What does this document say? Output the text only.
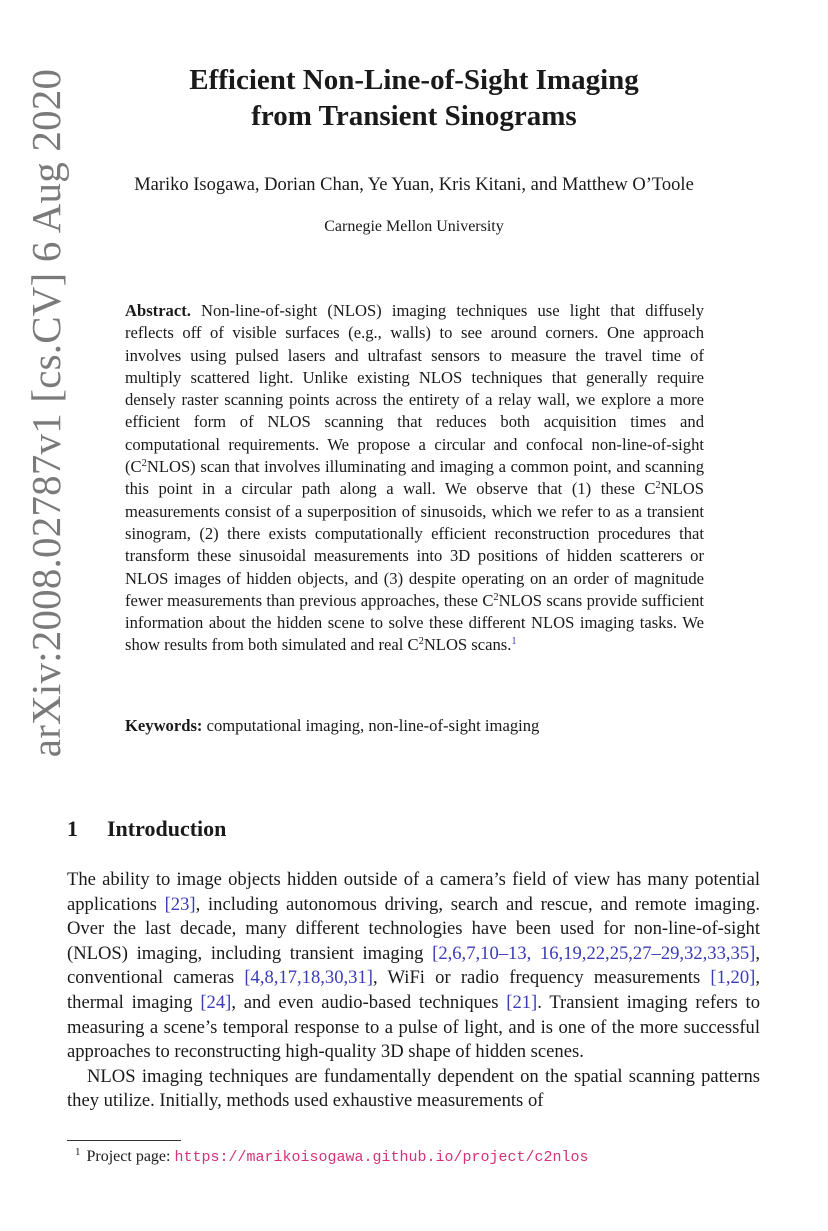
arXiv:2008.02787v1 [cs.CV] 6 Aug 2020	Efficient Non-Line-of-Sight Imaging
from Transient Sinograms
Mariko Isogawa, Dorian Chan, Ye Yuan, Kris Kitani, and Matthew O’Toole
Carnegie Mellon University
Abstract. Non-line-of-sight (NLOS) imaging techniques use light that diffusely reflects off of visible surfaces (e.g., walls) to see around corners. One approach involves using pulsed lasers and ultrafast sensors to measure the travel time of multiply scattered light. Unlike existing NLOS techniques that generally require densely raster scanning points across the entirety of a relay wall, we explore a more efficient form of NLOS scanning that reduces both acquisition times and computational requirements. We propose a circular and confocal non-line-of-sight $(C^2NLOS)$ scan that involves illuminating and imaging a common point, and scanning this point in a circular path along a wall. We observe that (1) these $C^2NLOS$ measurements consist of a superposition of sinusoids, which we refer to as a transient sinogram, (2) there exists computationally efficient reconstruction procedures that transform these sinusoidal measurements into 3D positions of hidden scatterers or NLOS images of hidden objects, and (3) despite operating on an order of magnitude fewer measurements than previous approaches, these $C^2NLOS$ scans provide sufficient information about the hidden scene to solve these different NLOS imaging tasks. We show results from both simulated and real $C^2NLOS$ scans.$^1$
Keywords: computational imaging, non-line-of-sight imaging
1 Introduction

The ability to image objects hidden outside of a camera’s field of view has many potential applications [23], including autonomous driving, search and rescue, and remote imaging. Over the last decade, many different technologies have been used for non-line-of-sight (NLOS) imaging, including transient imaging [2,6,7,10–13, 16,19,22,25,27–29,32,33,35], conventional cameras [4,8,17,18,30,31], WiFi or radio frequency measurements [1,20], thermal imaging [24], and even audio-based techniques [21]. Transient imaging refers to measuring a scene’s temporal response to a pulse of light, and is one of the more successful approaches to reconstructing high-quality 3D shape of hidden scenes.

NLOS imaging techniques are fundamentally dependent on the spatial scanning patterns they utilize. Initially, methods used exhaustive measurements of

$^1$ Project page: https://marikoisogawa.github.io/project/c2nlos
